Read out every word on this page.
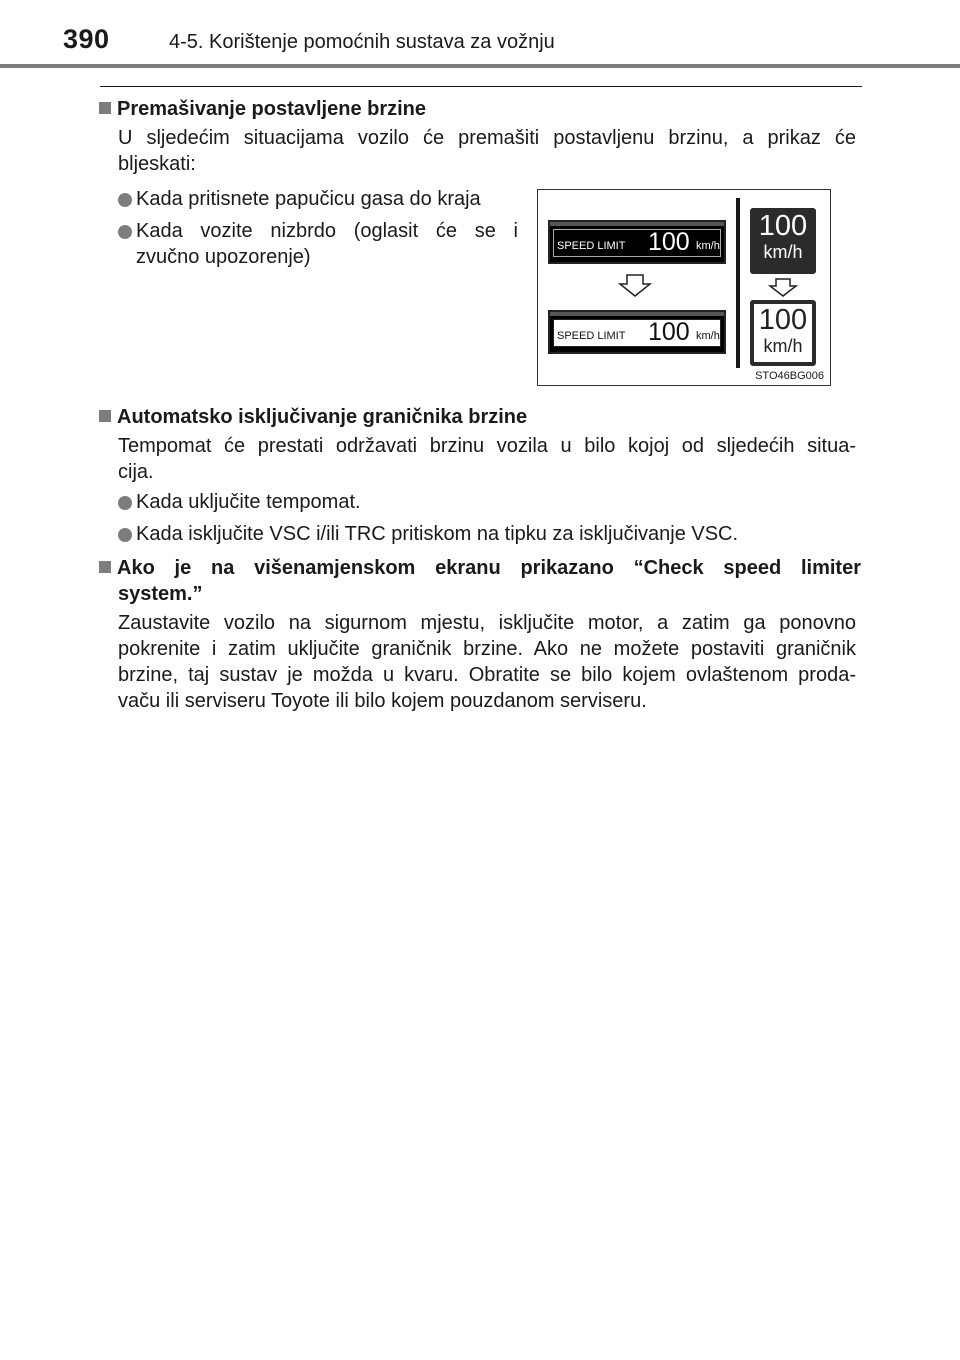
390	4-5. Korištenje pomoćnih sustava za vožnju
Premašivanje postavljene brzine
U sljedećim situacijama vozilo će premašiti postavljenu brzinu, a prikaz će
bljeskati:
Kada pritisnete papučicu gasa do kraja
Kada vozite nizbrdo (oglasit će se i
zvučno upozorenje)	SPEED LIMIT 100 km/h
SPEED LIMIT 100 km/h
100
km/h
100
km/h
STO46BG006
Automatsko isključivanje graničnika brzine
Tempomat će prestati održavati brzinu vozila u bilo kojoj od sljedećih situa-
cija.
Kada uključite tempomat.
Kada isključite VSC i/ili TRC pritiskom na tipku za isključivanje VSC.
Ako je na višenamjenskom ekranu prikazano “Check speed limiter
system.”
Zaustavite vozilo na sigurnom mjestu, isključite motor, a zatim ga ponovno
pokrenite i zatim uključite graničnik brzine. Ako ne možete postaviti graničnik
brzine, taj sustav je možda u kvaru. Obratite se bilo kojem ovlaštenom proda-
vaču ili serviseru Toyote ili bilo kojem pouzdanom serviseru.
